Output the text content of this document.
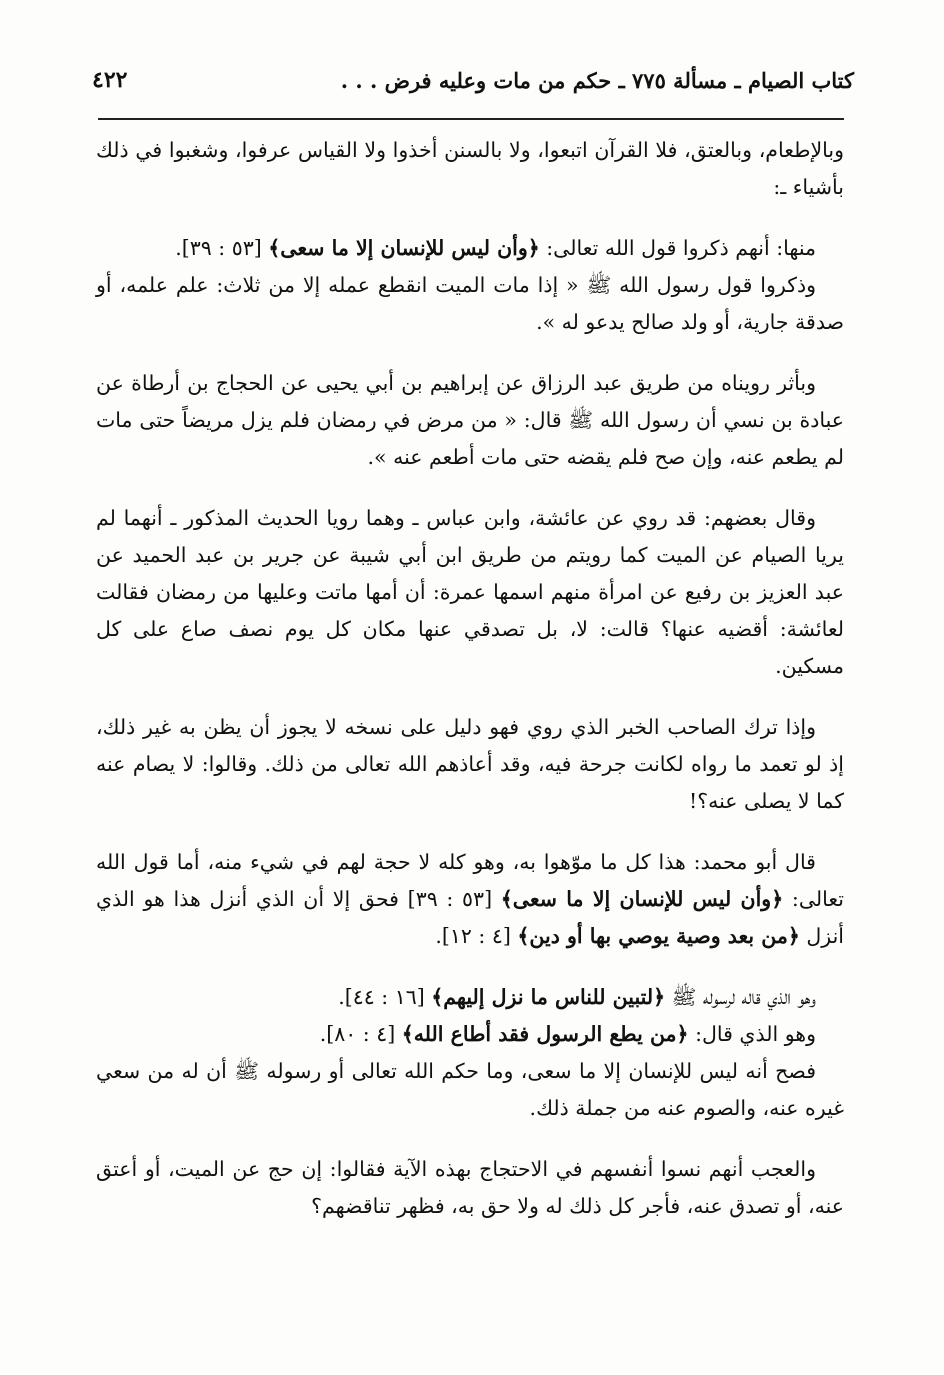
كتاب الصيام ـ مسألة ٧٧٥ ـ حكم من مات وعليه فرض . . .
٤٢٢

وبالإطعام، وبالعتق، فلا القرآن اتبعوا، ولا بالسنن أخذوا ولا القياس عرفوا، وشغبوا في ذلك بأشياء ـ:

منها: أنهم ذكروا قول الله تعالى: ﴿وأن ليس للإنسان إلا ما سعى﴾ [٥٣ : ٣٩].

وذكروا قول رسول الله ﷺ « إذا مات الميت انقطع عمله إلا من ثلاث: علم علمه، أو صدقة جارية، أو ولد صالح يدعو له ».

وبأثر رويناه من طريق عبد الرزاق عن إبراهيم بن أبي يحيى عن الحجاج بن أرطاة عن عبادة بن نسي أن رسول الله ﷺ قال: « من مرض في رمضان فلم يزل مريضاً حتى مات لم يطعم عنه، وإن صح فلم يقضه حتى مات أطعم عنه ».

وقال بعضهم: قد روي عن عائشة، وابن عباس ـ وهما رويا الحديث المذكور ـ أنهما لم يريا الصيام عن الميت كما رويتم من طريق ابن أبي شيبة عن جرير بن عبد الحميد عن عبد العزيز بن رفيع عن امرأة منهم اسمها عمرة: أن أمها ماتت وعليها من رمضان فقالت لعائشة: أقضيه عنها؟ قالت: لا، بل تصدقي عنها مكان كل يوم نصف صاع على كل مسكين.

وإذا ترك الصاحب الخبر الذي روي فهو دليل على نسخه لا يجوز أن يظن به غير ذلك، إذ لو تعمد ما رواه لكانت جرحة فيه، وقد أعاذهم الله تعالى من ذلك. وقالوا: لا يصام عنه كما لا يصلى عنه؟!

قال أبو محمد: هذا كل ما موّهوا به، وهو كله لا حجة لهم في شيء منه، أما قول الله تعالى: ﴿وأن ليس للإنسان إلا ما سعى﴾ [٥٣ : ٣٩] فحق إلا أن الذي أنزل هذا هو الذي أنزل ﴿من بعد وصية يوصي بها أو دين﴾ [٤ : ١٢].

وهو الذي قاله لرسوله ﷺ ﴿لتبين للناس ما نزل إليهم﴾ [١٦ : ٤٤].

وهو الذي قال: ﴿من يطع الرسول فقد أطاع الله﴾ [٤ : ٨٠].

فصح أنه ليس للإنسان إلا ما سعى، وما حكم الله تعالى أو رسوله ﷺ أن له من سعي غيره عنه، والصوم عنه من جملة ذلك.

والعجب أنهم نسوا أنفسهم في الاحتجاج بهذه الآية فقالوا: إن حج عن الميت، أو أعتق عنه، أو تصدق عنه، فأجر كل ذلك له ولا حق به، فظهر تناقضهم؟
